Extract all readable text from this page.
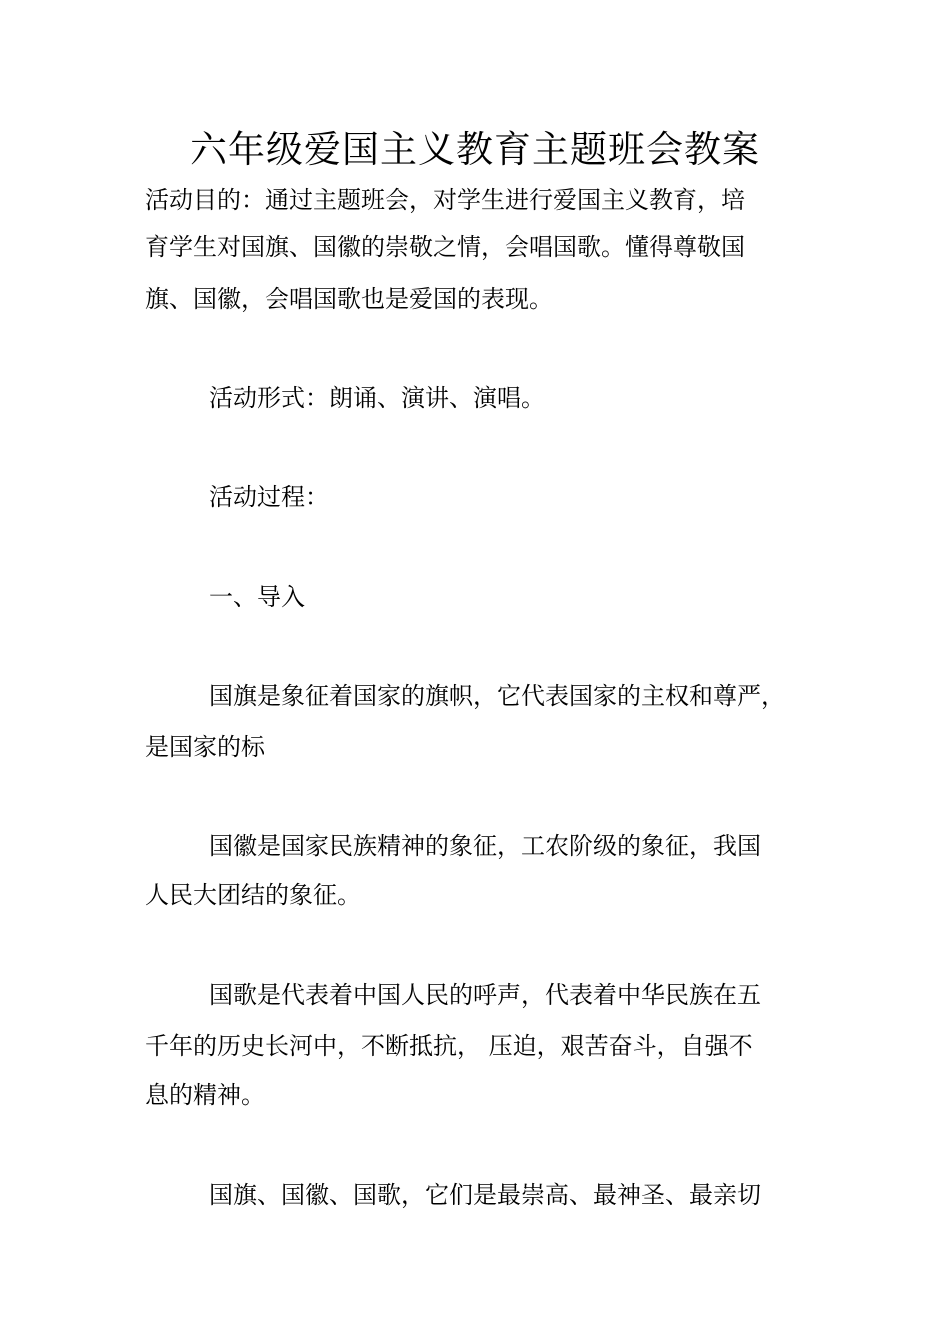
六年级爱国主义教育主题班会教案
活动目的：通过主题班会，对学生进行爱国主义教育，培
育学生对国旗、国徽的崇敬之情，会唱国歌。懂得尊敬国
旗、国徽，会唱国歌也是爱国的表现。
活动形式：朗诵、演讲、演唱。
活动过程：
一、导入
国旗是象征着国家的旗帜，它代表国家的主权和尊严，
是国家的标
国徽是国家民族精神的象征，工农阶级的象征，我国
人民大团结的象征。
国歌是代表着中国人民的呼声，代表着中华民族在五
千年的历史长河中，不断抵抗， 压迫，艰苦奋斗，自强不
息的精神。
国旗、国徽、国歌，它们是最崇高、最神圣、最亲切
